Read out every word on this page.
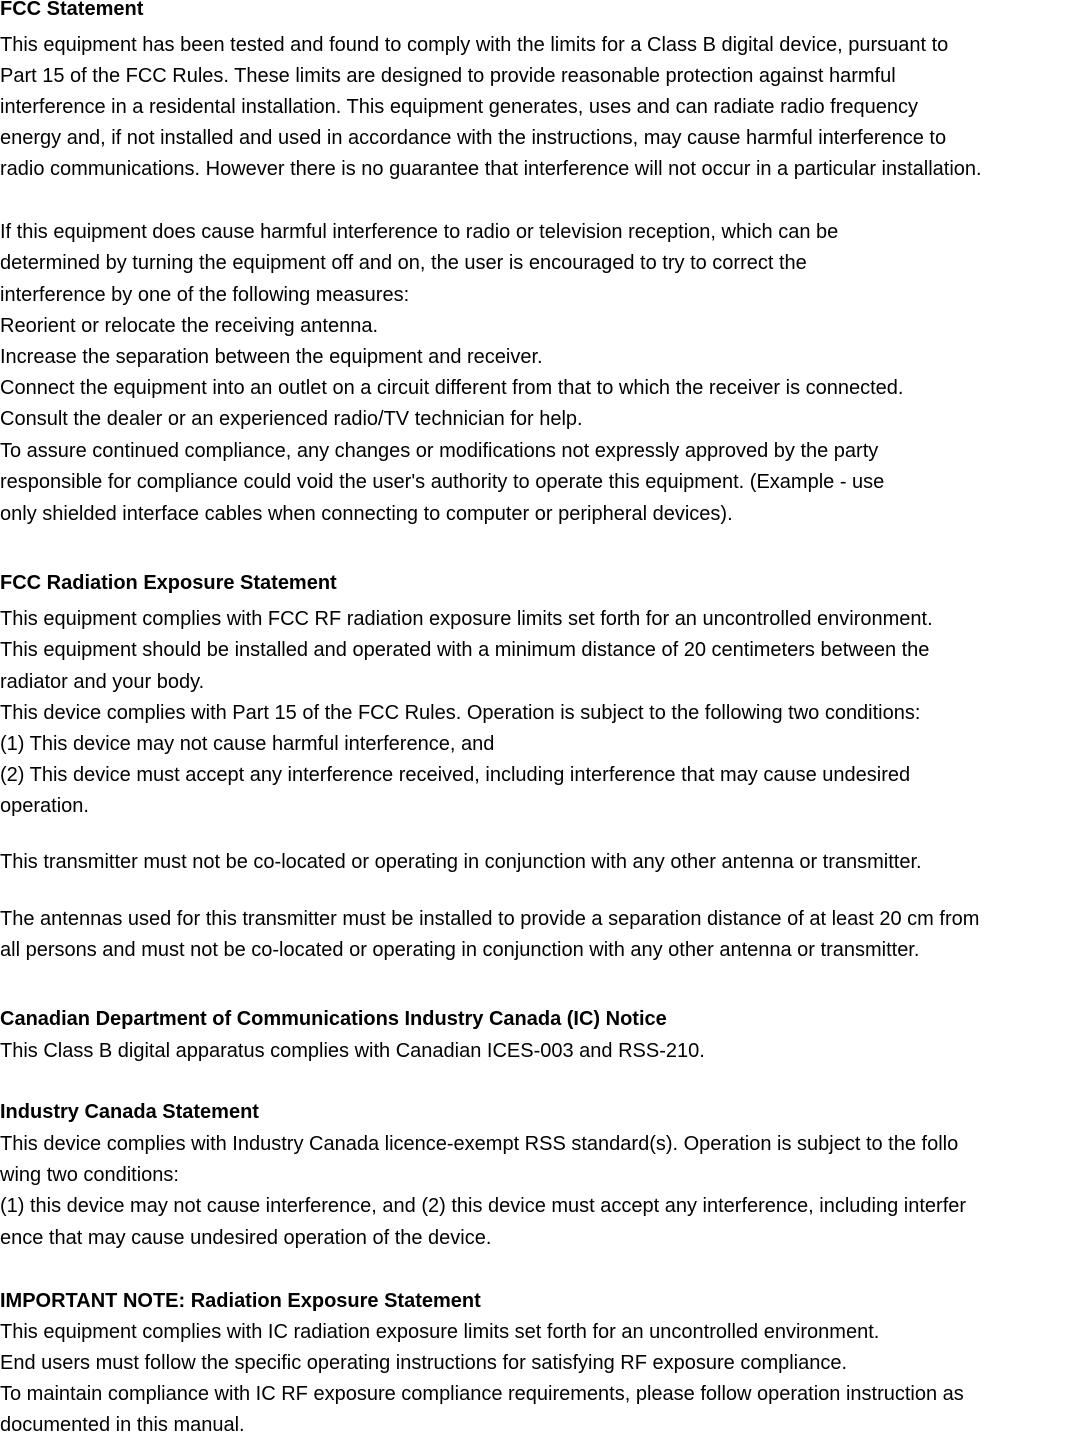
FCC Statement
This equipment has been tested and found to comply with the limits for a Class B digital device, pursuant to
Part 15 of the FCC Rules. These limits are designed to provide reasonable protection against harmful
interference in a residental installation. This equipment generates, uses and can radiate radio frequency
energy and, if not installed and used in accordance with the instructions, may cause harmful interference to
radio communications. However there is no guarantee that interference will not occur in a particular installation.
If this equipment does cause harmful interference to radio or television reception, which can be
determined by turning the equipment off and on, the user is encouraged to try to correct the
interference by one of the following measures:
Reorient or relocate the receiving antenna.
Increase the separation between the equipment and receiver.
Connect the equipment into an outlet on a circuit different from that to which the receiver is connected.
Consult the dealer or an experienced radio/TV technician for help.
To assure continued compliance, any changes or modifications not expressly approved by the party
responsible for compliance could void the user's authority to operate this equipment. (Example - use
only shielded interface cables when connecting to computer or peripheral devices).
FCC Radiation Exposure Statement
This equipment complies with FCC RF radiation exposure limits set forth for an uncontrolled environment.
This equipment should be installed and operated with a minimum distance of 20 centimeters between the
radiator and your body.
This device complies with Part 15 of the FCC Rules. Operation is subject to the following two conditions:
(1) This device may not cause harmful interference, and
(2) This device must accept any interference received, including interference that may cause undesired
operation.
This transmitter must not be co-located or operating in conjunction with any other antenna or transmitter.
The antennas used for this transmitter must be installed to provide a separation distance of at least 20 cm from
all persons and must not be co-located or operating in conjunction with any other antenna or transmitter.
Canadian Department of Communications Industry Canada (IC) Notice
This Class B digital apparatus complies with Canadian ICES-003 and RSS-210.
Industry Canada Statement
This device complies with Industry Canada licence-exempt RSS standard(s). Operation is subject to the follo
wing two conditions:
(1) this device may not cause interference, and (2) this device must accept any interference, including interfer
ence that may cause undesired operation of the device.
IMPORTANT NOTE: Radiation Exposure Statement
This equipment complies with IC radiation exposure limits set forth for an uncontrolled environment.
End users must follow the specific operating instructions for satisfying RF exposure compliance.
To maintain compliance with IC RF exposure compliance requirements, please follow operation instruction as
documented in this manual.
